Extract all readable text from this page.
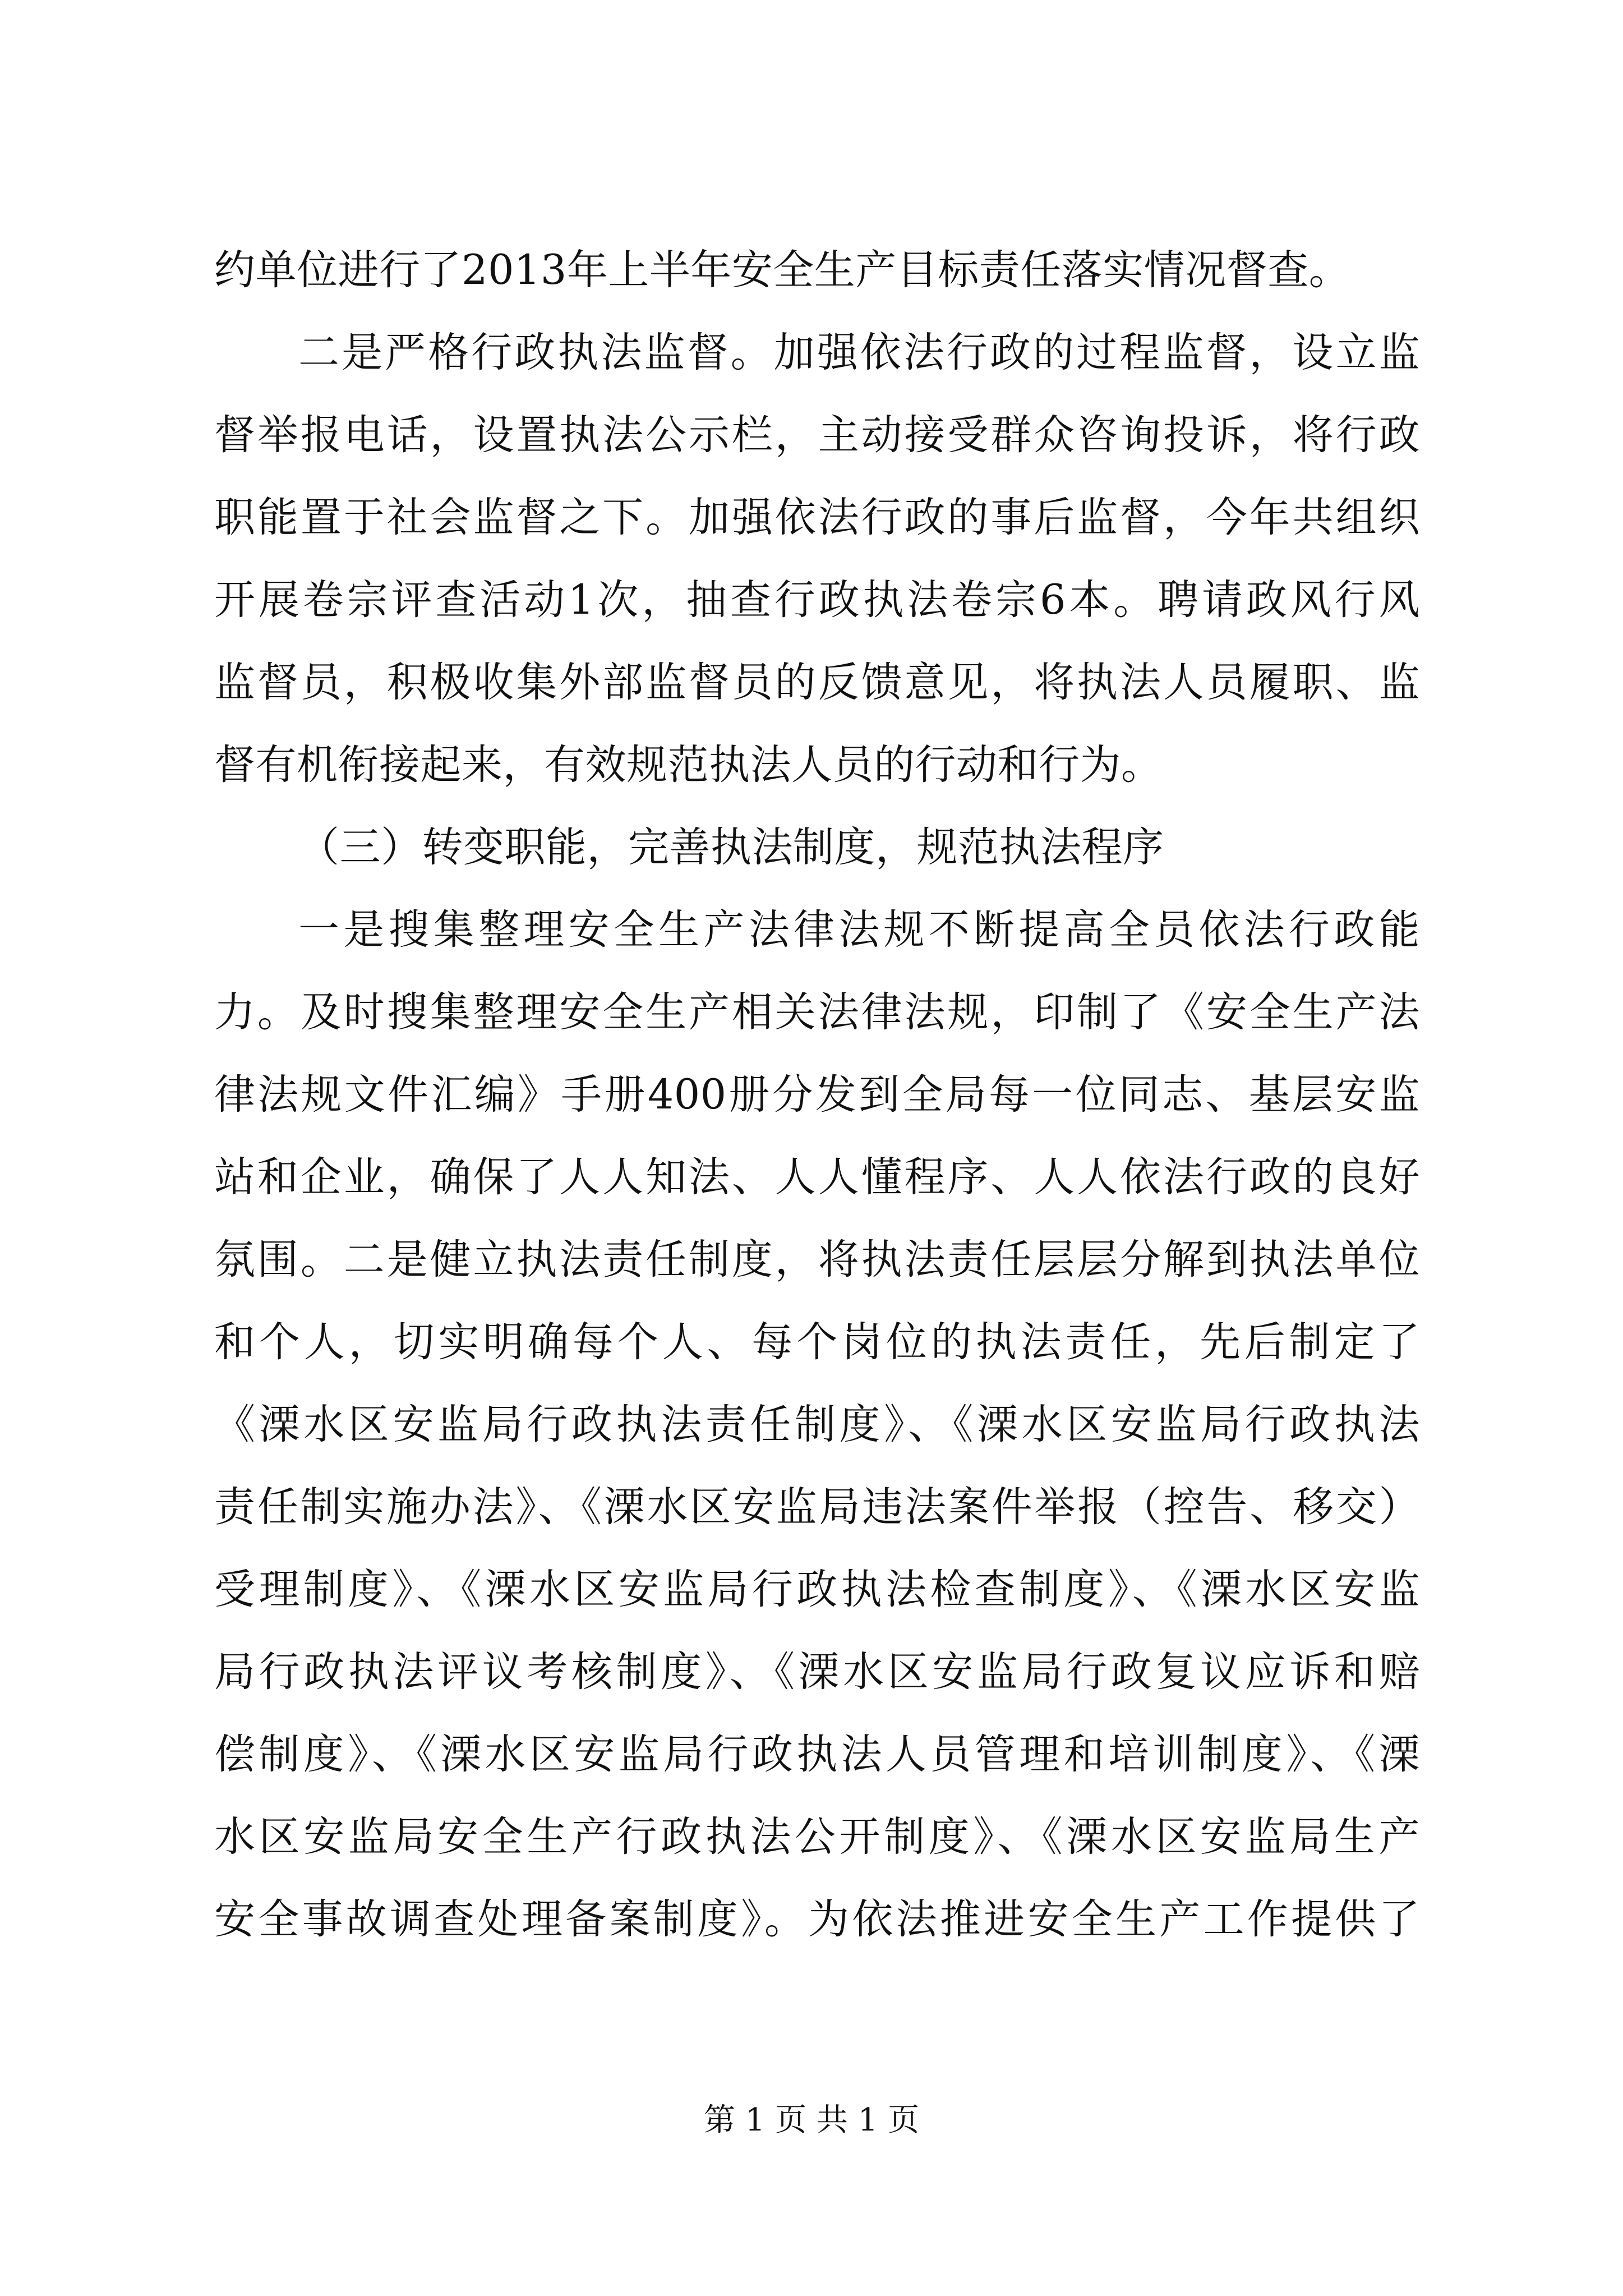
约单位进行了2013年上半年安全生产目标责任落实情况督查。
二是严格行政执法监督。加强依法行政的过程监督，设立监
督举报电话，设置执法公示栏，主动接受群众咨询投诉，将行政
职能置于社会监督之下。加强依法行政的事后监督，今年共组织
开展卷宗评查活动1次，抽查行政执法卷宗6本。聘请政风行风
监督员，积极收集外部监督员的反馈意见，将执法人员履职、监
督有机衔接起来，有效规范执法人员的行动和行为。
（三）转变职能，完善执法制度，规范执法程序
一是搜集整理安全生产法律法规不断提高全员依法行政能
力。及时搜集整理安全生产相关法律法规，印制了《安全生产法
律法规文件汇编》手册400册分发到全局每一位同志、基层安监
站和企业，确保了人人知法、人人懂程序、人人依法行政的良好
氛围。二是健立执法责任制度，将执法责任层层分解到执法单位
和个人，切实明确每个人、每个岗位的执法责任，先后制定了
《溧水区安监局行政执法责任制度》、《溧水区安监局行政执法
责任制实施办法》、《溧水区安监局违法案件举报（控告、移交）
受理制度》、《溧水区安监局行政执法检查制度》、《溧水区安监
局行政执法评议考核制度》、《溧水区安监局行政复议应诉和赔
偿制度》、《溧水区安监局行政执法人员管理和培训制度》、《溧
水区安监局安全生产行政执法公开制度》、《溧水区安监局生产
安全事故调查处理备案制度》。为依法推进安全生产工作提供了
第 1 页 共 1 页
